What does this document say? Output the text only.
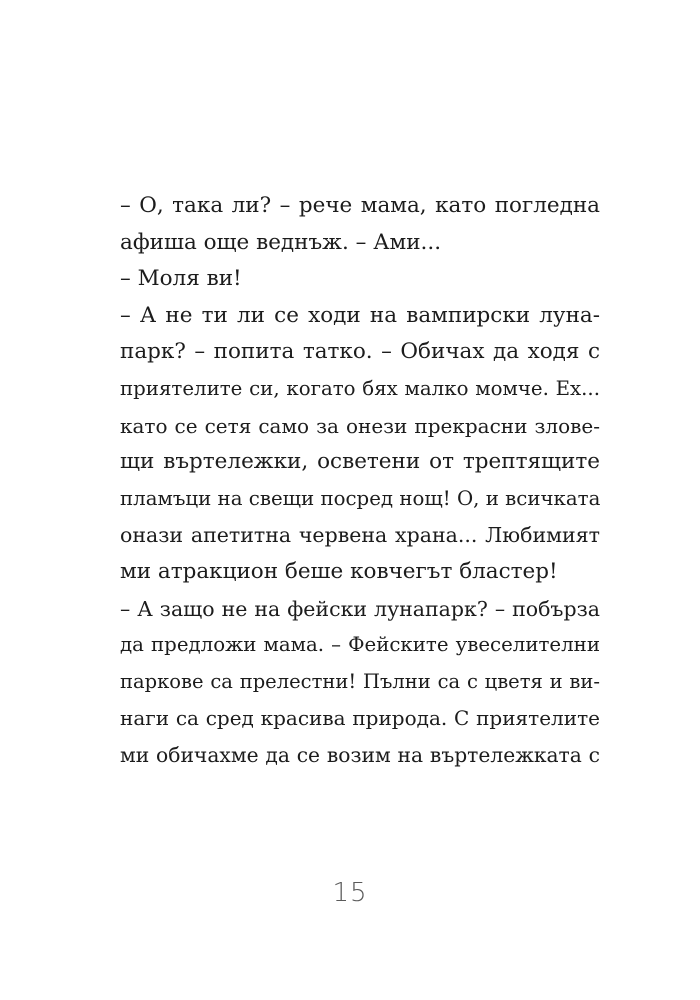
– О, така ли? – рече мама, като погледна
афиша още веднъж. – Ами...
– Моля ви!
– А не ти ли се ходи на вампирски луна-
парк? – попита татко. – Обичах да ходя с
приятелите си, когато бях малко момче. Ех...
като се сетя само за онези прекрасни злове-
щи въртележки, осветени от трептящите
пламъци на свещи посред нощ! О, и всичката
онази апетитна червена храна... Любимият
ми атракцион беше ковчегът бластер!
– А защо не на фейски лунапарк? – побърза
да предложи мама. – Фейските увеселителни
паркове са прелестни! Пълни са с цветя и ви-
наги са сред красива природа. С приятелите
ми обичахме да се возим на въртележката с
15
